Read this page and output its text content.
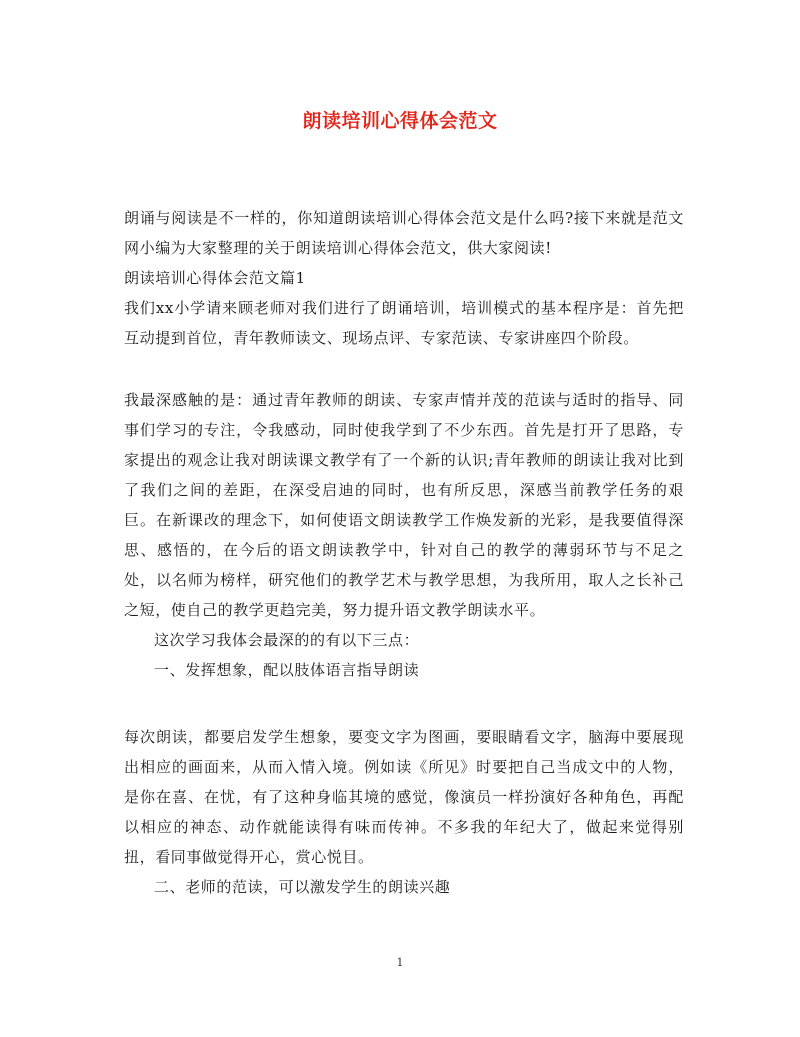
朗读培训心得体会范文

朗诵与阅读是不一样的，你知道朗读培训心得体会范文是什么吗?接下来就是范文网小编为大家整理的关于朗读培训心得体会范文，供大家阅读!

朗读培训心得体会范文篇1

我们xx小学请来顾老师对我们进行了朗诵培训，培训模式的基本程序是：首先把互动提到首位，青年教师读文、现场点评、专家范读、专家讲座四个阶段。

我最深感触的是：通过青年教师的朗读、专家声情并茂的范读与适时的指导、同事们学习的专注，令我感动，同时使我学到了不少东西。首先是打开了思路，专家提出的观念让我对朗读课文教学有了一个新的认识;青年教师的朗读让我对比到了我们之间的差距，在深受启迪的同时，也有所反思，深感当前教学任务的艰巨。在新课改的理念下，如何使语文朗读教学工作焕发新的光彩，是我要值得深思、感悟的，在今后的语文朗读教学中，针对自己的教学的薄弱环节与不足之处，以名师为榜样，研究他们的教学艺术与教学思想，为我所用，取人之长补己之短，使自己的教学更趋完美，努力提升语文教学朗读水平。

这次学习我体会最深的的有以下三点：

一、发挥想象，配以肢体语言指导朗读

每次朗读，都要启发学生想象，要变文字为图画，要眼睛看文字，脑海中要展现出相应的画面来，从而入情入境。例如读《所见》时要把自己当成文中的人物，是你在喜、在忧，有了这种身临其境的感觉，像演员一样扮演好各种角色，再配以相应的神态、动作就能读得有味而传神。不多我的年纪大了，做起来觉得别扭，看同事做觉得开心，赏心悦目。

二、老师的范读，可以激发学生的朗读兴趣

1
